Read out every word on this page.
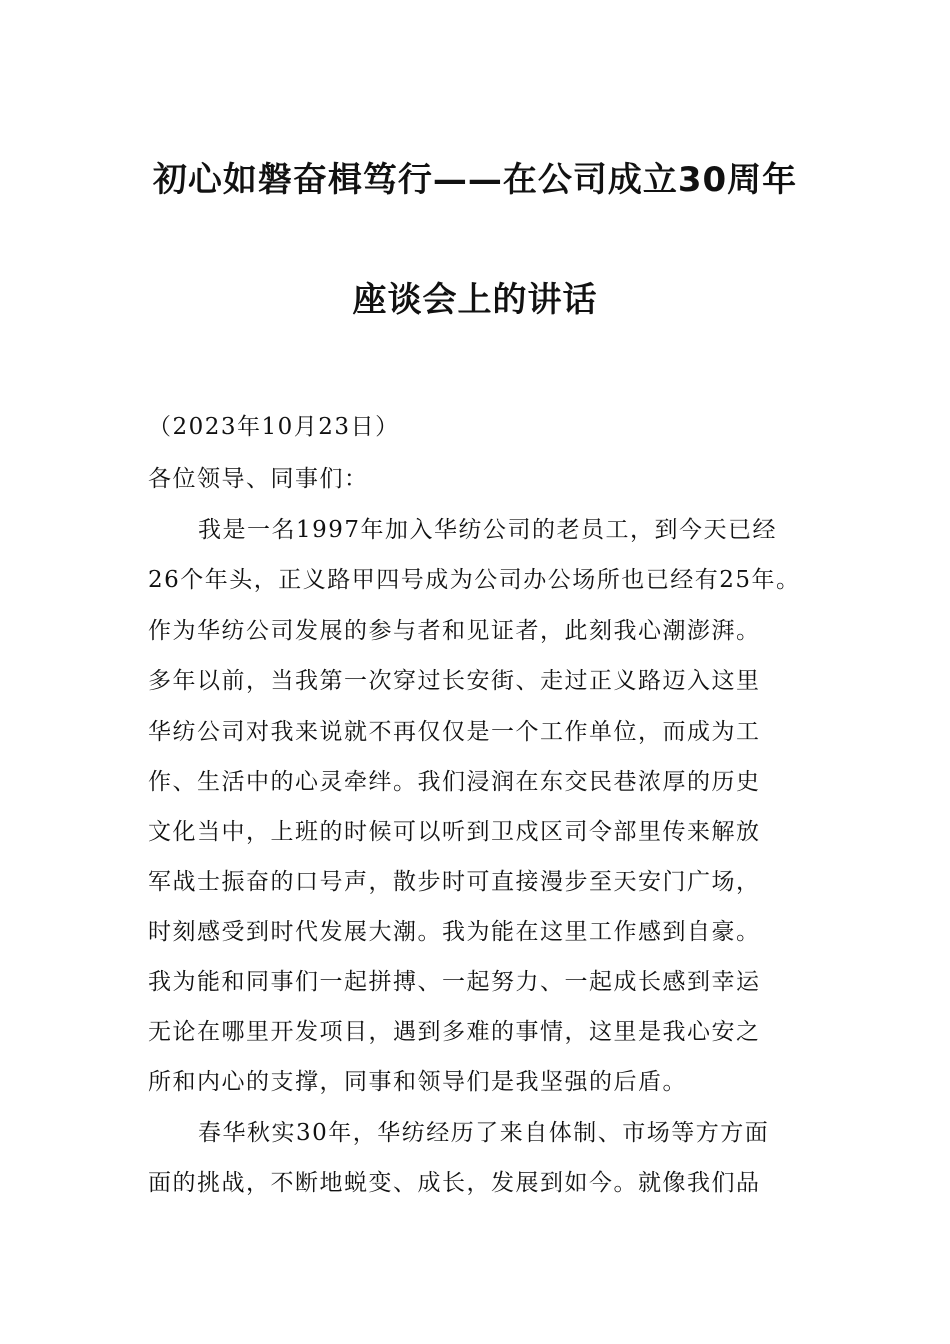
初心如磐奋楫笃行——在公司成立30周年
座谈会上的讲话

（2023年10月23日）

各位领导、同事们：

我是一名1997年加入华纺公司的老员工，到今天已经

26个年头，正义路甲四号成为公司办公场所也已经有25年。

作为华纺公司发展的参与者和见证者，此刻我心潮澎湃。

多年以前，当我第一次穿过长安街、走过正义路迈入这里

华纺公司对我来说就不再仅仅是一个工作单位，而成为工

作、生活中的心灵牵绊。我们浸润在东交民巷浓厚的历史

文化当中，上班的时候可以听到卫戍区司令部里传来解放

军战士振奋的口号声，散步时可直接漫步至天安门广场，

时刻感受到时代发展大潮。我为能在这里工作感到自豪。

我为能和同事们一起拼搏、一起努力、一起成长感到幸运

无论在哪里开发项目，遇到多难的事情，这里是我心安之

所和内心的支撑，同事和领导们是我坚强的后盾。

春华秋实30年，华纺经历了来自体制、市场等方方面

面的挑战，不断地蜕变、成长，发展到如今。就像我们品
